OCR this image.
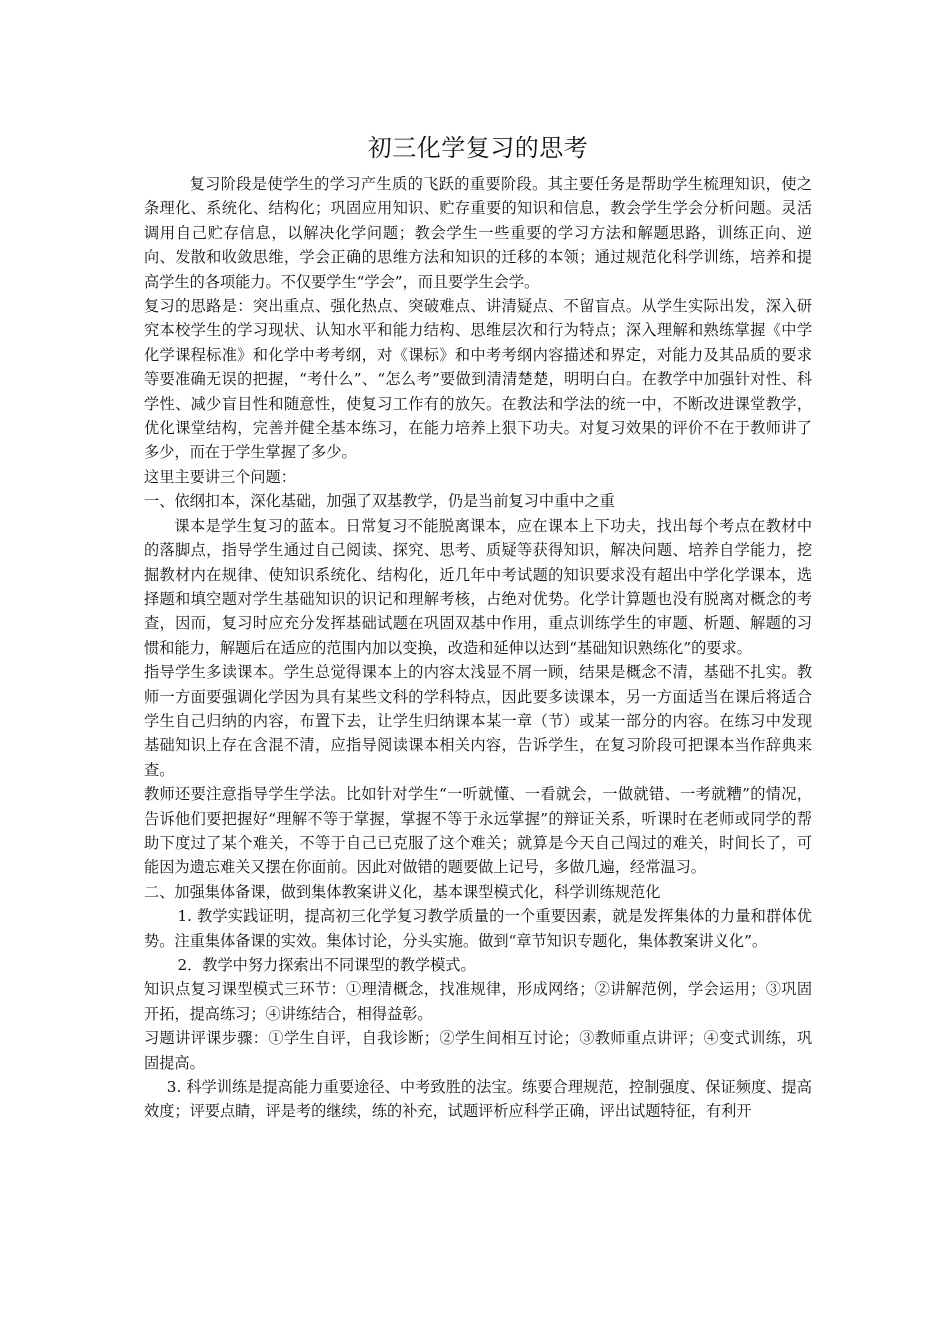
初三化学复习的思考

复习阶段是使学生的学习产生质的飞跃的重要阶段。其主要任务是帮助学生梳理知识，使之条理化、系统化、结构化；巩固应用知识、贮存重要的知识和信息，教会学生学会分析问题。灵活调用自己贮存信息，以解决化学问题；教会学生一些重要的学习方法和解题思路，训练正向、逆向、发散和收敛思维，学会正确的思维方法和知识的迁移的本领；通过规范化科学训练，培养和提高学生的各项能力。不仅要学生“学会”，而且要学生会学。

复习的思路是：突出重点、强化热点、突破难点、讲清疑点、不留盲点。从学生实际出发，深入研究本校学生的学习现状、认知水平和能力结构、思维层次和行为特点；深入理解和熟练掌握《中学化学课程标准》和化学中考考纲，对《课标》和中考考纲内容描述和界定，对能力及其品质的要求等要准确无误的把握，“考什么”、“怎么考”要做到清清楚楚，明明白白。在教学中加强针对性、科学性、减少盲目性和随意性，使复习工作有的放矢。在教法和学法的统一中，不断改进课堂教学，优化课堂结构，完善并健全基本练习，在能力培养上狠下功夫。对复习效果的评价不在于教师讲了多少，而在于学生掌握了多少。

这里主要讲三个问题：

一、依纲扣本，深化基础，加强了双基教学，仍是当前复习中重中之重

课本是学生复习的蓝本。日常复习不能脱离课本，应在课本上下功夫，找出每个考点在教材中的落脚点，指导学生通过自己阅读、探究、思考、质疑等获得知识，解决问题、培养自学能力，挖掘教材内在规律、使知识系统化、结构化，近几年中考试题的知识要求没有超出中学化学课本，选择题和填空题对学生基础知识的识记和理解考核，占绝对优势。化学计算题也没有脱离对概念的考查，因而，复习时应充分发挥基础试题在巩固双基中作用，重点训练学生的审题、析题、解题的习惯和能力，解题后在适应的范围内加以变换，改造和延伸以达到“基础知识熟练化”的要求。

指导学生多读课本。学生总觉得课本上的内容太浅显不屑一顾，结果是概念不清，基础不扎实。教师一方面要强调化学因为具有某些文科的学科特点，因此要多读课本，另一方面适当在课后将适合学生自己归纳的内容，布置下去，让学生归纳课本某一章（节）或某一部分的内容。在练习中发现基础知识上存在含混不清，应指导阅读课本相关内容，告诉学生，在复习阶段可把课本当作辞典来查。

教师还要注意指导学生学法。比如针对学生“一听就懂、一看就会，一做就错、一考就糟”的情况，告诉他们要把握好“理解不等于掌握，掌握不等于永远掌握”的辩证关系，听课时在老师或同学的帮助下度过了某个难关，不等于自己已克服了这个难关；就算是今天自己闯过的难关，时间长了，可能因为遗忘难关又摆在你面前。因此对做错的题要做上记号，多做几遍，经常温习。

二、加强集体备课，做到集体教案讲义化，基本课型模式化，科学训练规范化

1. 教学实践证明，提高初三化学复习教学质量的一个重要因素，就是发挥集体的力量和群体优势。注重集体备课的实效。集体讨论，分头实施。做到“章节知识专题化，集体教案讲义化”。

2．教学中努力探索出不同课型的教学模式。

知识点复习课型模式三环节：①理清概念，找准规律，形成网络；②讲解范例，学会运用；③巩固开拓，提高练习；④讲练结合，相得益彰。

习题讲评课步骤：①学生自评，自我诊断；②学生间相互讨论；③教师重点讲评；④变式训练，巩固提高。

3. 科学训练是提高能力重要途径、中考致胜的法宝。练要合理规范，控制强度、保证频度、提高效度；评要点睛，评是考的继续，练的补充，试题评析应科学正确，评出试题特征，有利开
